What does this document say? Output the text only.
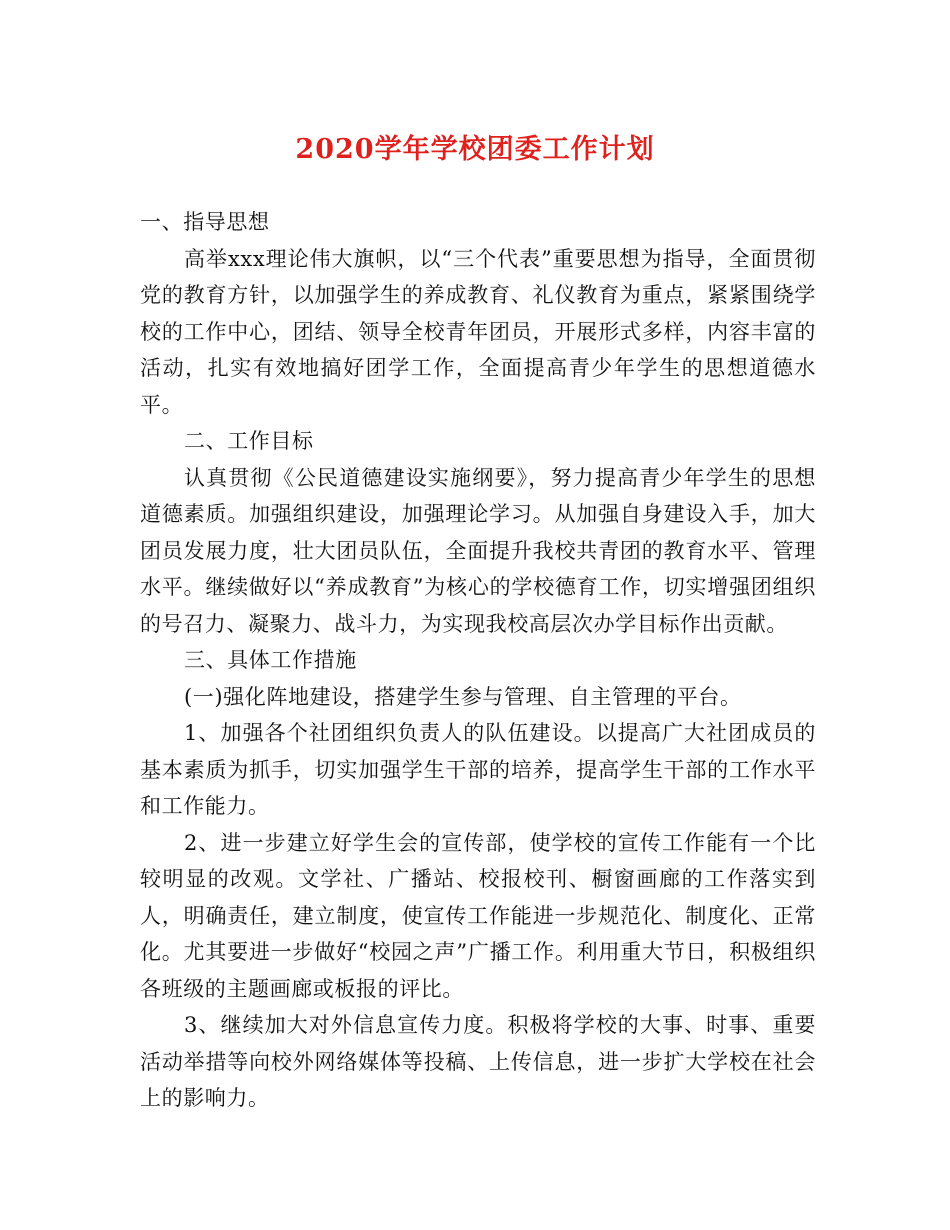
2020学年学校团委工作计划

一、指导思想

高举xxx理论伟大旗帜，以“三个代表”重要思想为指导，全面贯彻党的教育方针，以加强学生的养成教育、礼仪教育为重点，紧紧围绕学校的工作中心，团结、领导全校青年团员，开展形式多样，内容丰富的活动，扎实有效地搞好团学工作，全面提高青少年学生的思想道德水平。

二、工作目标

认真贯彻《公民道德建设实施纲要》，努力提高青少年学生的思想道德素质。加强组织建设，加强理论学习。从加强自身建设入手，加大团员发展力度，壮大团员队伍，全面提升我校共青团的教育水平、管理水平。继续做好以“养成教育”为核心的学校德育工作，切实增强团组织的号召力、凝聚力、战斗力，为实现我校高层次办学目标作出贡献。

三、具体工作措施

(一)强化阵地建设，搭建学生参与管理、自主管理的平台。

1、加强各个社团组织负责人的队伍建设。以提高广大社团成员的基本素质为抓手，切实加强学生干部的培养，提高学生干部的工作水平和工作能力。

2、进一步建立好学生会的宣传部，使学校的宣传工作能有一个比较明显的改观。文学社、广播站、校报校刊、橱窗画廊的工作落实到人，明确责任，建立制度，使宣传工作能进一步规范化、制度化、正常化。尤其要进一步做好“校园之声”广播工作。利用重大节日，积极组织各班级的主题画廊或板报的评比。

3、继续加大对外信息宣传力度。积极将学校的大事、时事、重要活动举措等向校外网络媒体等投稿、上传信息，进一步扩大学校在社会上的影响力。
